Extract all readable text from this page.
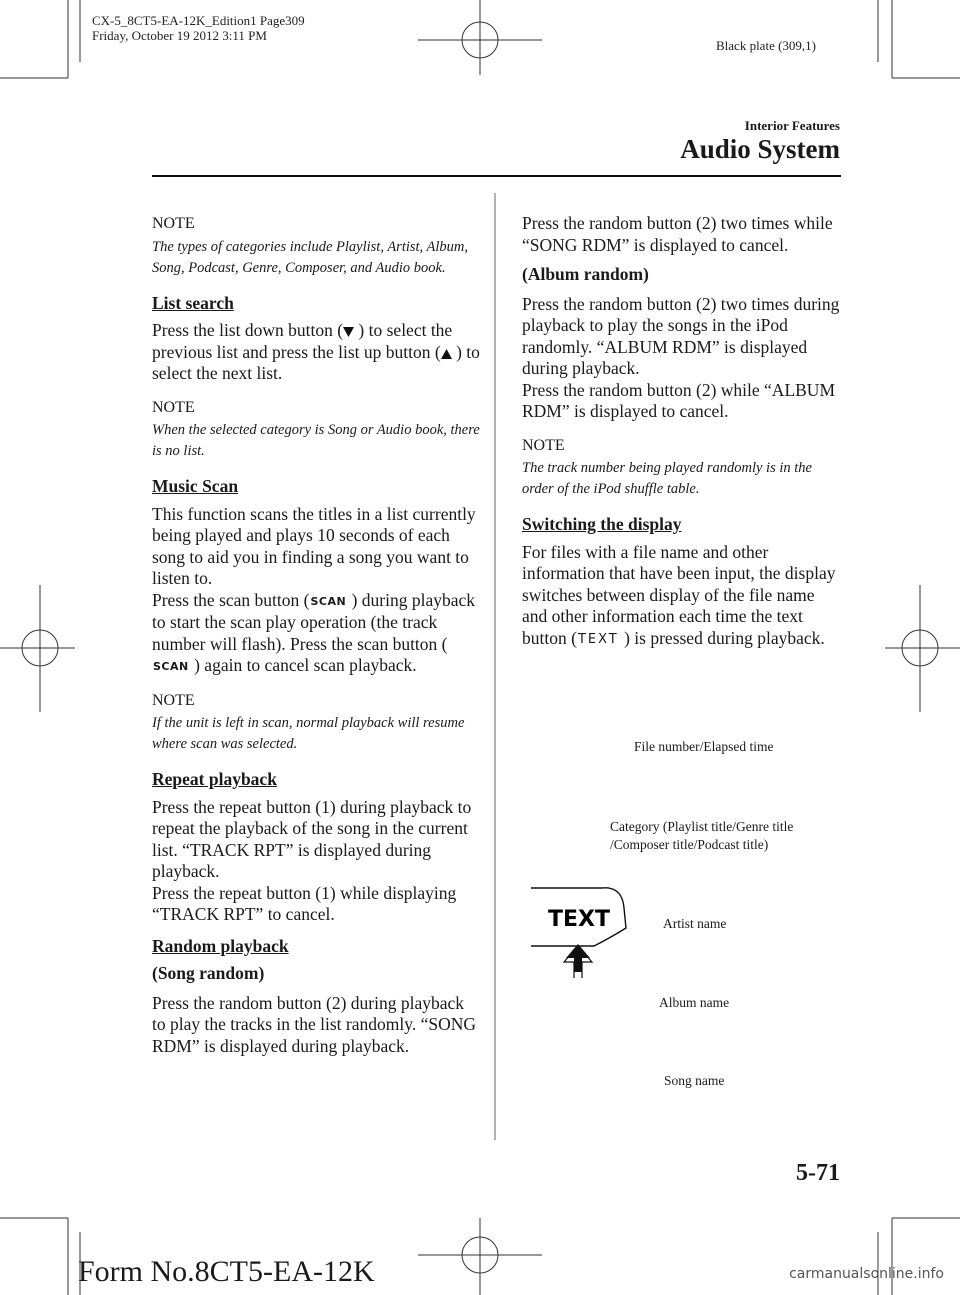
CX-5_8CT5-EA-12K_Edition1 Page309
Friday, October 19 2012 3:11 PM
Black plate (309,1)
Interior Features
Audio System
NOTE
The types of categories include Playlist, Artist, Album, Song, Podcast, Genre, Composer, and Audio book.
List search

Press the list down button ( ) to select the previous list and press the list up button ( ) to select the next list.

NOTE
When the selected category is Song or Audio book, there is no list.
Music Scan

This function scans the titles in a list currently being played and plays 10 seconds of each song to aid you in finding a song you want to listen to.
Press the scan button (SCAN ) during playback to start the scan play operation (the track number will flash). Press the scan button (SCAN ) again to cancel scan playback.

NOTE
If the unit is left in scan, normal playback will resume where scan was selected.
Repeat playback

Press the repeat button (1) during playback to repeat the playback of the song in the current list. “TRACK RPT” is displayed during playback.
Press the repeat button (1) while displaying “TRACK RPT” to cancel.

Random playback

(Song random)

Press the random button (2) during playback to play the tracks in the list randomly. “SONG RDM” is displayed during playback.

Press the random button (2) two times while “SONG RDM” is displayed to cancel.

(Album random)

Press the random button (2) two times during playback to play the songs in the iPod randomly. “ALBUM RDM” is displayed during playback.
Press the random button (2) while “ALBUM RDM” is displayed to cancel.

NOTE
The track number being played randomly is in the order of the iPod shuffle table.
Switching the display

For files with a file name and other information that have been input, the display switches between display of the file name and other information each time the text button (TEXT ) is pressed during playback.

File number/Elapsed time
Category (Playlist title/Genre title
/Composer title/Podcast title)
Artist name
Album name
Song name
TEXT
5-71
Form No.8CT5-EA-12K	carmanualsonline.info
